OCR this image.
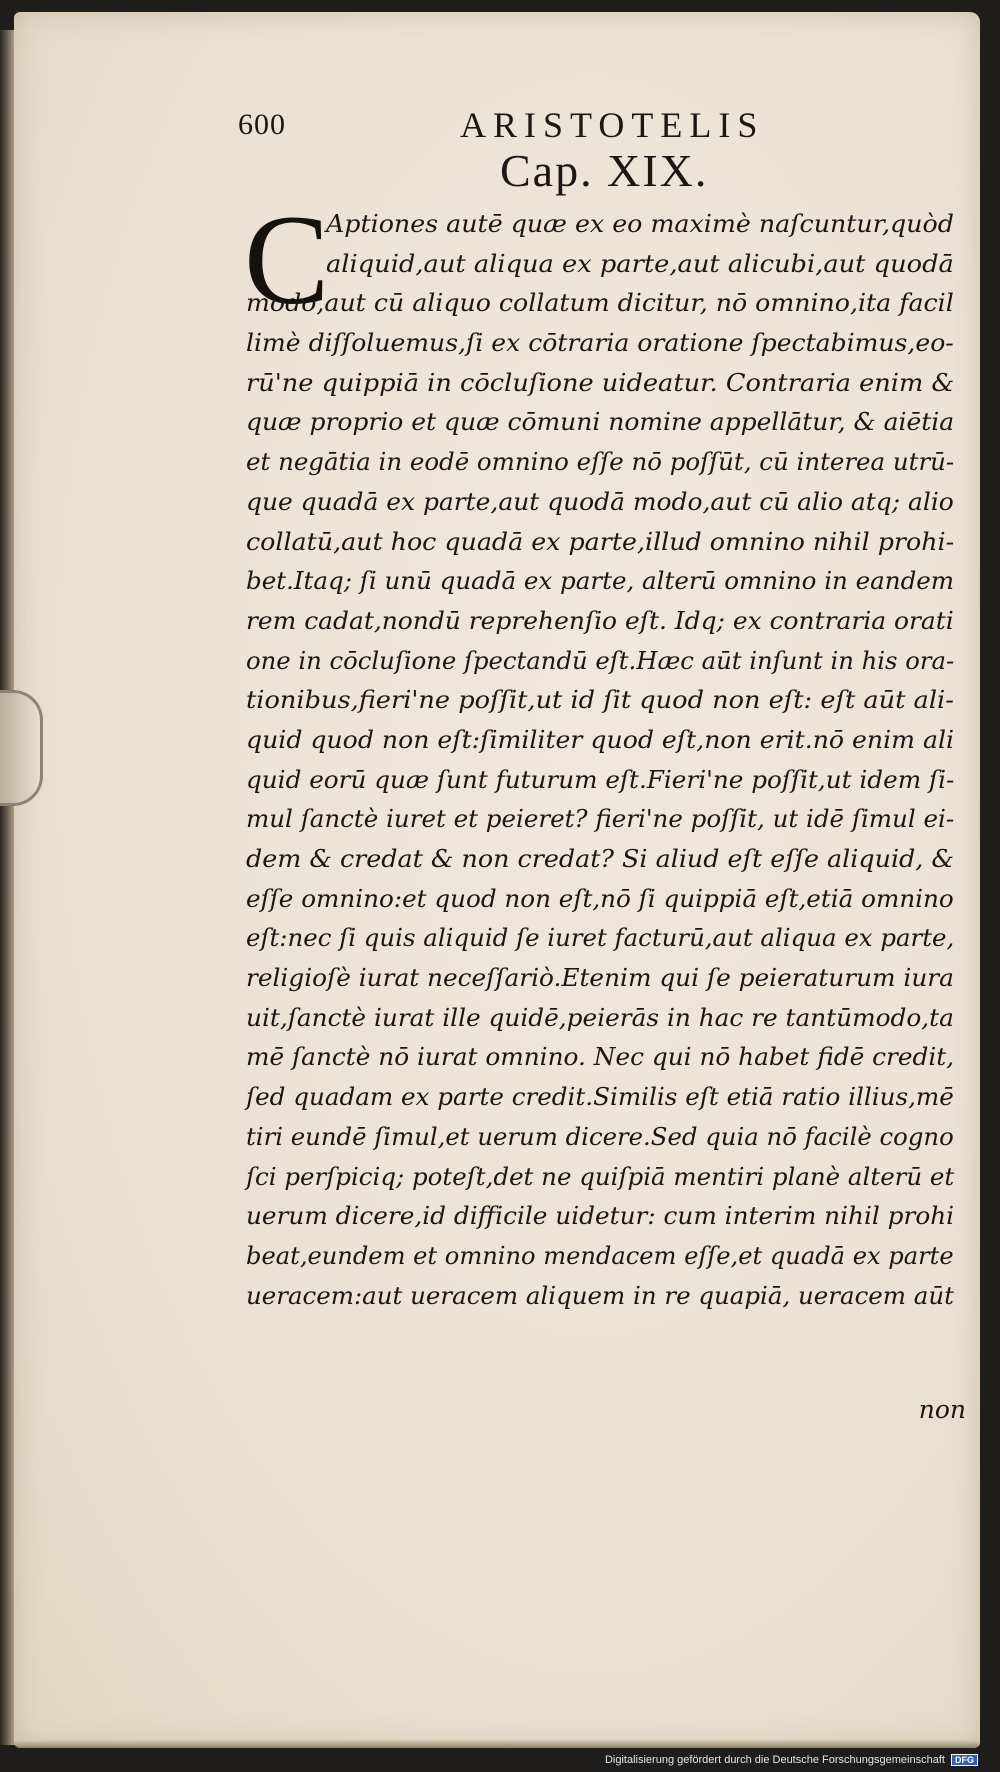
600	ARISTOTELIS
Cap. XIX.
C
Aptiones autē quæ ex eo maximè naſcuntur,quòd
aliquid,aut aliqua ex parte,aut alicubi,aut quodā
modo,aut cū aliquo collatum dicitur, nō omnino,ita facil
limè diſſoluemus,ſi ex cōtraria oratione ſpectabimus,eo-
rū'ne quippiā in cōcluſione uideatur. Contraria enim &
quæ proprio et quæ cōmuni nomine appellātur, & aiētia
et negātia in eodē omnino eſſe nō poſſūt, cū interea utrū-
que quadā ex parte,aut quodā modo,aut cū alio atq; alio
collatū,aut hoc quadā ex parte,illud omnino nihil prohi-
bet.Itaq; ſi unū quadā ex parte, alterū omnino in eandem
rem cadat,nondū reprehenſio eſt. Idq; ex contraria orati
one in cōcluſione ſpectandū eſt.Hæc aūt inſunt in his ora-
tionibus,fieri'ne poſſit,ut id ſit quod non eſt: eſt aūt ali-
quid quod non eſt:ſimiliter quod eſt,non erit.nō enim ali
quid eorū quæ ſunt futurum eſt.Fieri'ne poſſit,ut idem ſi-
mul ſanctè iuret et peieret? fieri'ne poſſit, ut idē ſimul ei-
dem & credat & non credat? Si aliud eſt eſſe aliquid, &
eſſe omnino:et quod non eſt,nō ſi quippiā eſt,etiā omnino
eſt:nec ſi quis aliquid ſe iuret facturū,aut aliqua ex parte,
religioſè iurat neceſſariò.Etenim qui ſe peieraturum iura
uit,ſanctè iurat ille quidē,peierās in hac re tantūmodo,ta
mē ſanctè nō iurat omnino. Nec qui nō habet fidē credit,
ſed quadam ex parte credit.Similis eſt etiā ratio illius,mē
tiri eundē ſimul,et uerum dicere.Sed quia nō facilè cogno
ſci perſpiciq; poteſt,det ne quiſpiā mentiri planè alterū et
uerum dicere,id difficile uidetur: cum interim nihil prohi
beat,eundem et omnino mendacem eſſe,et quadā ex parte
ueracem:aut ueracem aliquem in re quapiā, ueracem aūt
non
Digitalisierung gefördert durch die Deutsche Forschungsgemeinschaft DFG
